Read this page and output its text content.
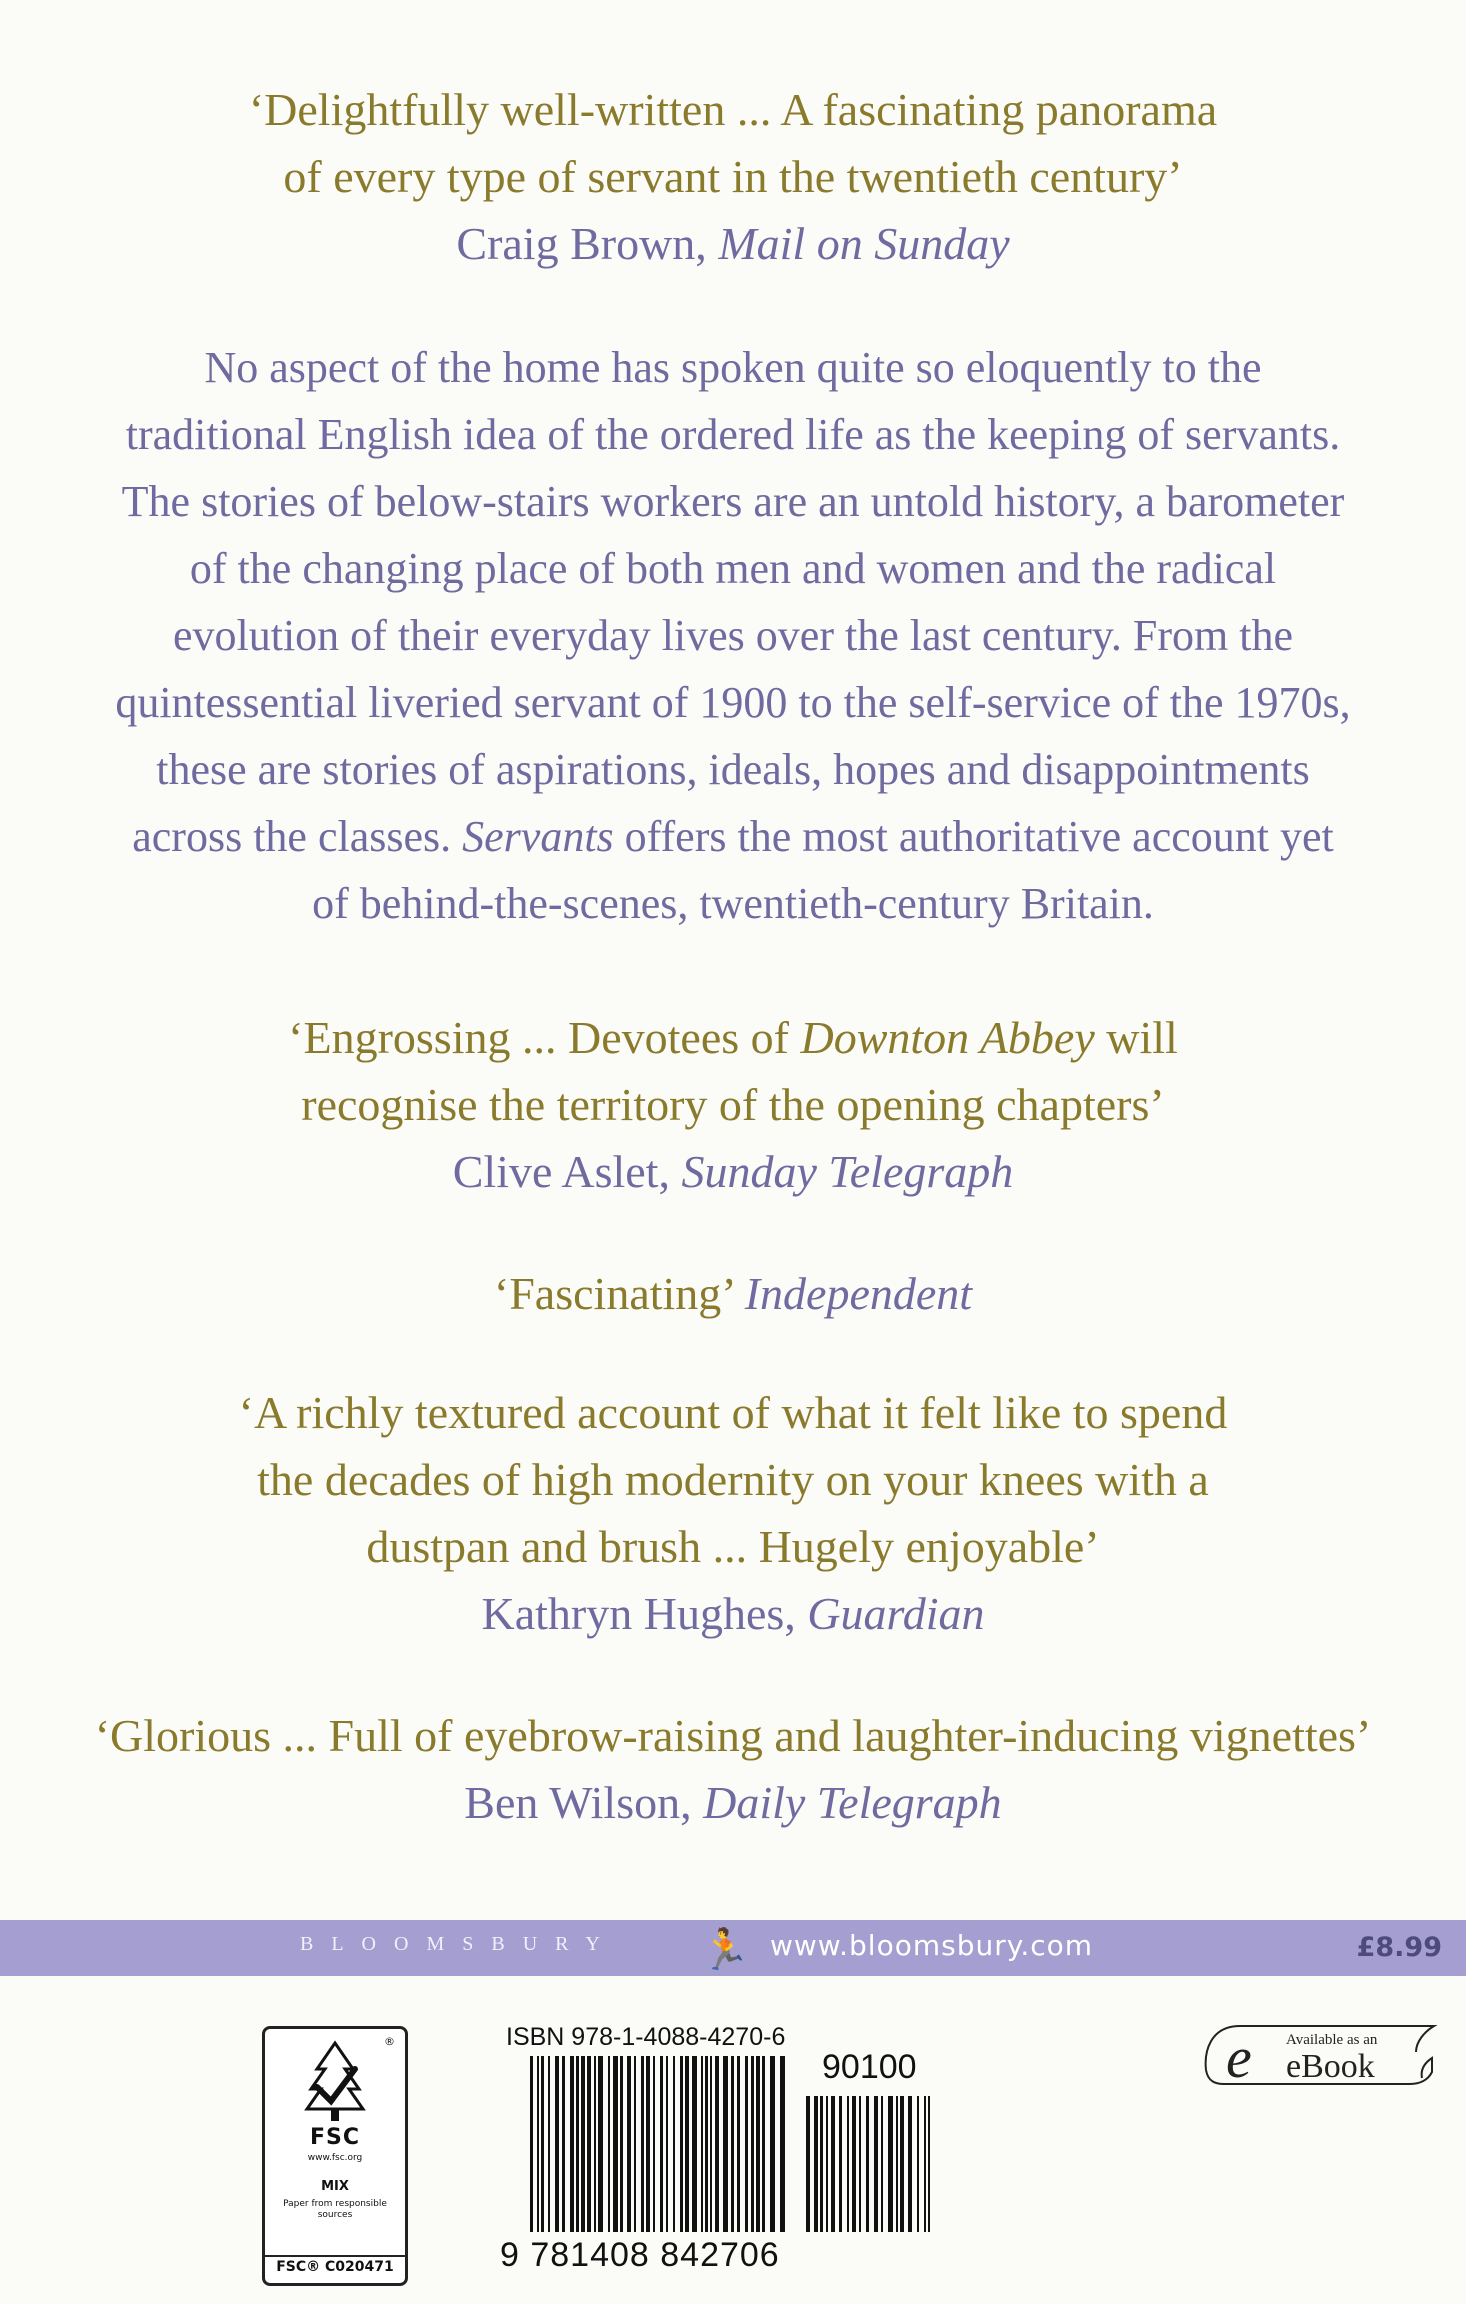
‘Delightfully well-written ... A fascinating panorama
of every type of servant in the twentieth century’
Craig Brown, Mail on Sunday
No aspect of the home has spoken quite so eloquently to the
traditional English idea of the ordered life as the keeping of servants.
The stories of below-stairs workers are an untold history, a barometer
of the changing place of both men and women and the radical
evolution of their everyday lives over the last century. From the
quintessential liveried servant of 1900 to the self-service of the 1970s,
these are stories of aspirations, ideals, hopes and disappointments
across the classes. Servants offers the most authoritative account yet
of behind-the-scenes, twentieth-century Britain.
‘Engrossing ... Devotees of Downton Abbey will
recognise the territory of the opening chapters’
Clive Aslet, Sunday Telegraph
‘Fascinating’ Independent
‘A richly textured account of what it felt like to spend
the decades of high modernity on your knees with a
dustpan and brush ... Hugely enjoyable’
Kathryn Hughes, Guardian
‘Glorious ... Full of eyebrow-raising and laughter-inducing vignettes’
Ben Wilson, Daily Telegraph
BLOOMSBURY 🏃 www.bloomsbury.com	£8.99
®
FSC
www.fsc.org
MIX
Paper from responsible sources
FSC® C020471
ISBN 978-1-4088-4270-6
90100
9 781408 842706
e Available as an
eBook
